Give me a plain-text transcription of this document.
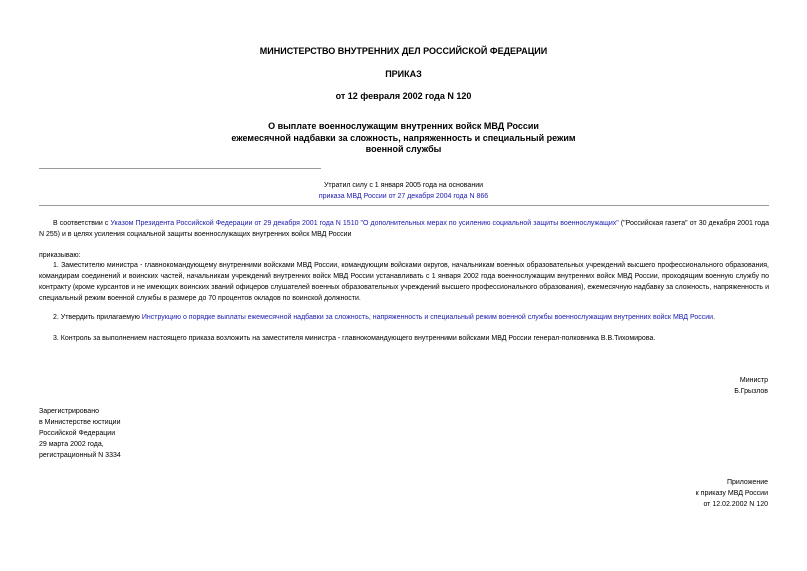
МИНИСТЕРСТВО ВНУТРЕННИХ ДЕЛ РОССИЙСКОЙ ФЕДЕРАЦИИ
ПРИКАЗ
от 12 февраля 2002 года N 120
О выплате военнослужащим внутренних войск МВД России
ежемесячной надбавки за сложность, напряженность и специальный режим
военной службы
Утратил силу с 1 января 2005 года на основании
приказа МВД России от 27 декабря 2004 года N 866
В соответствии с Указом Президента Российской Федерации от 29 декабря 2001 года N 1510 "О дополнительных мерах по усилению социальной защиты военнослужащих" ("Российская газета" от 30 декабря 2001 года N 255) и в целях усиления социальной защиты военнослужащих внутренних войск МВД России
приказываю:
1. Заместителю министра - главнокомандующему внутренними войсками МВД России, командующим войсками округов, начальникам военных образовательных учреждений высшего профессионального образования, командирам соединений и воинских частей, начальникам учреждений внутренних войск МВД России устанавливать с 1 января 2002 года военнослужащим внутренних войск МВД России, проходящим военную службу по контракту (кроме курсантов и не имеющих воинских званий офицеров слушателей военных образовательных учреждений высшего профессионального образования), ежемесячную надбавку за сложность, напряженность и специальный режим военной службы в размере до 70 процентов окладов по воинской должности.
2. Утвердить прилагаемую Инструкцию о порядке выплаты ежемесячной надбавки за сложность, напряженность и специальный режим военной службы военнослужащим внутренних войск МВД России.
3. Контроль за выполнением настоящего приказа возложить на заместителя министра - главнокомандующего внутренними войсками МВД России генерал-полковника В.В.Тихомирова.
Министр
Б.Грызлов
Зарегистрировано
в Министерстве юстиции
Российской Федерации
29 марта 2002 года,
регистрационный N 3334
Приложение
к приказу МВД России
от 12.02.2002 N 120
